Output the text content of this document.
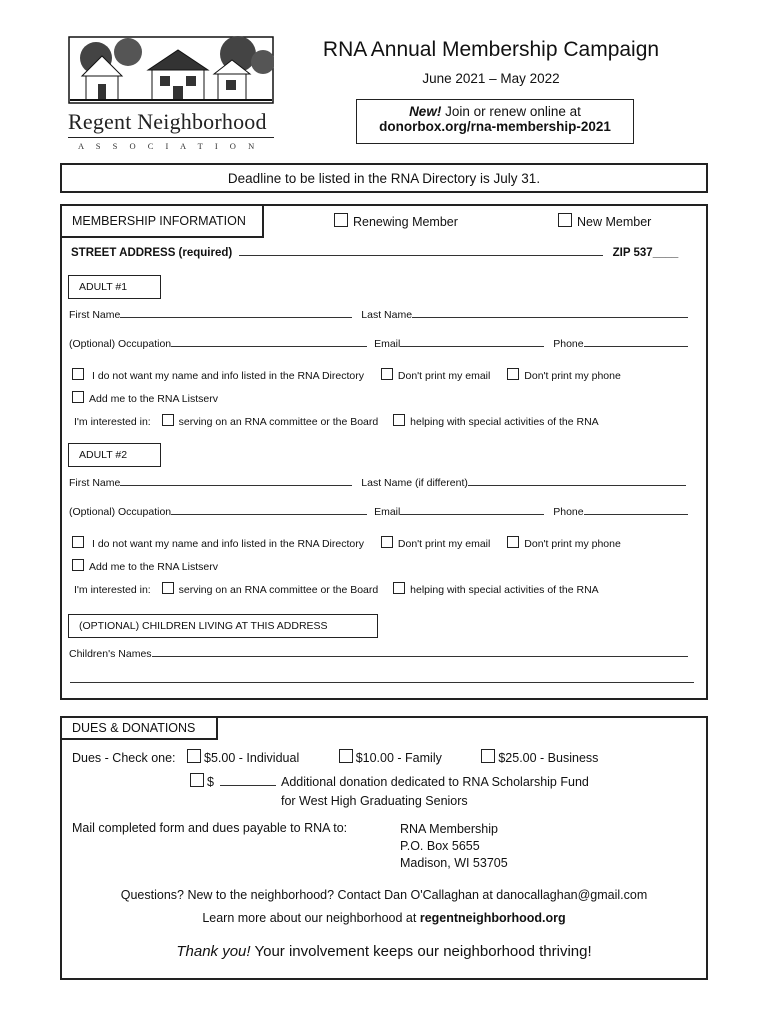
Regent Neighborhood
A S S O C I A T I O N
RNA Annual Membership Campaign
June 2021 – May 2022
New! Join or renew online at
donorbox.org/rna-membership-2021
Deadline to be listed in the RNA Directory is July 31.
MEMBERSHIP INFORMATION	Renewing Member	New Member
STREET ADDRESS (required)	ZIP 537____
ADULT #1
First Name	Last Name
(Optional) Occupation	Email	Phone
I do not want my name and info listed in the RNA Directory	Don't print my email	Don't print my phone
Add me to the RNA Listserv
I'm interested in:	serving on an RNA committee or the Board	helping with special activities of the RNA
ADULT #2
First Name	Last Name (if different)
(Optional) Occupation	Email	Phone
I do not want my name and info listed in the RNA Directory	Don't print my email	Don't print my phone
Add me to the RNA Listserv
I'm interested in:	serving on an RNA committee or the Board	helping with special activities of the RNA
(OPTIONAL) CHILDREN LIVING AT THIS ADDRESS
Children's Names
DUES & DONATIONS
Dues - Check one: $5.00 - Individual	$10.00 - Family	$25.00 - Business
$	Additional donation dedicated to RNA Scholarship Fund
for West High Graduating Seniors
Mail completed form and dues payable to RNA to:	RNA Membership
P.O. Box 5655
Madison, WI 53705
Questions? New to the neighborhood? Contact Dan O'Callaghan at danocallaghan@gmail.com
Learn more about our neighborhood at regentneighborhood.org
Thank you! Your involvement keeps our neighborhood thriving!
